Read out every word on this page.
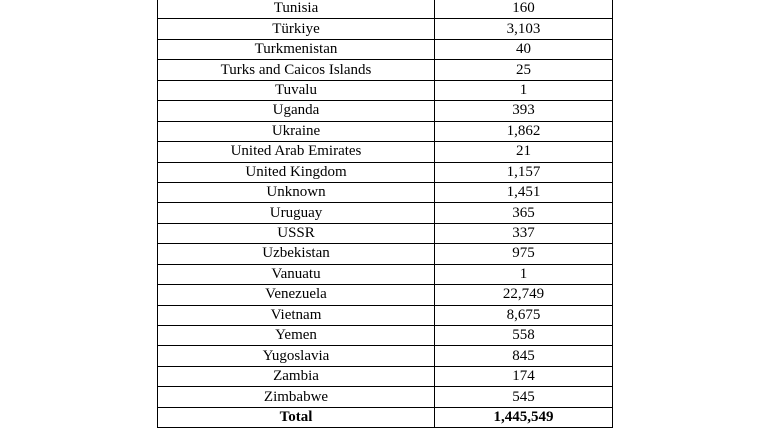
Tunisia	160
Türkiye	3,103
Turkmenistan	40
Turks and Caicos Islands	25
Tuvalu	1
Uganda	393
Ukraine	1,862
United Arab Emirates	21
United Kingdom	1,157
Unknown	1,451
Uruguay	365
USSR	337
Uzbekistan	975
Vanuatu	1
Venezuela	22,749
Vietnam	8,675
Yemen	558
Yugoslavia	845
Zambia	174
Zimbabwe	545
Total	1,445,549
